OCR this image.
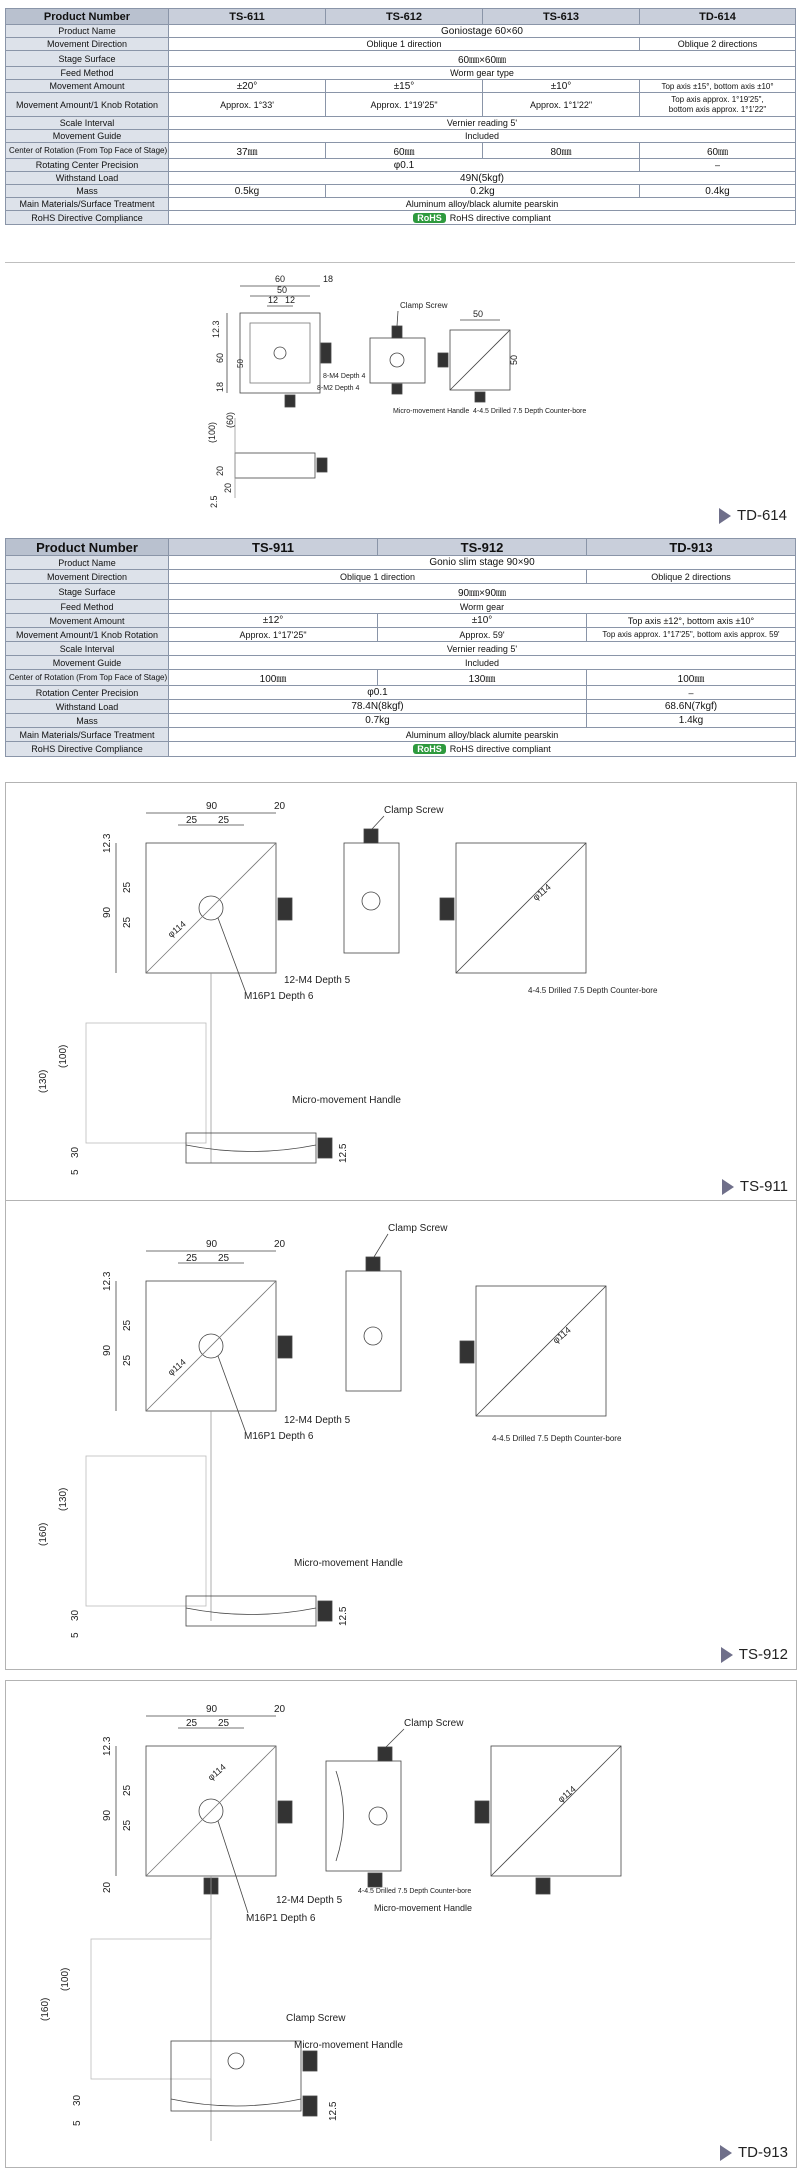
Product Number	TS-611	TS-612	TS-613	TD-614
Product Name	Goniostage 60×60			
Movement Direction	Oblique 1 direction			Oblique 2 directions
Stage Surface	60㎜×60㎜			
Feed Method	Worm gear type			
Movement Amount	±20°	±15°	±10°	Top axis ±15°, bottom axis ±10°
Movement Amount/1 Knob Rotation	Approx. 1°33'	Approx. 1°19'25"	Approx. 1°1'22"	Top axis approx. 1°19'25",
bottom axis approx. 1°1'22"
Scale Interval	Vernier reading 5'			
Movement Guide	Included			
Center of Rotation (From Top Face of Stage)	37㎜	60㎜	80㎜	60㎜
Rotating Center Precision	φ0.1			–
Withstand Load	49N(5kgf)			
Mass	0.5kg	0.2kg		0.4kg
Main Materials/Surface Treatment	Aluminum alloy/black alumite pearskin			
RoHS Directive Compliance	RoHS RoHS directive compliant			
60
50
18
12 12
12.3
60
18
50
8-M4 Depth 4
8-M2 Depth 4
Clamp Screw
Micro-movement Handle
50
50
4-4.5 Drilled 7.5 Depth Counter-bore
(100)
(60)
20
20
2.5
TD-614
Product Number	TS-911	TS-912	TD-913
Product Name	Gonio slim stage 90×90		
Movement Direction	Oblique 1 direction		Oblique 2 directions
Stage Surface	90㎜×90㎜		
Feed Method	Worm gear		
Movement Amount	±12°	±10°	Top axis ±12°, bottom axis ±10°
Movement Amount/1 Knob Rotation	Approx. 1°17'25"	Approx. 59'	Top axis approx. 1°17'25", bottom axis approx. 59'
Scale Interval	Vernier reading 5'		
Movement Guide	Included		
Center of Rotation (From Top Face of Stage)	100㎜	130㎜	100㎜
Rotation Center Precision	φ0.1		–
Withstand Load	78.4N(8kgf)		68.6N(7kgf)
Mass	0.7kg		1.4kg
Main Materials/Surface Treatment	Aluminum alloy/black alumite pearskin		
RoHS Directive Compliance	RoHS RoHS directive compliant		
90	20
25 25
12.3
90
25
25	φ114
12-M4 Depth 5
M16P1 Depth 6
Clamp Screw
φ114
4-4.5 Drilled 7.5 Depth Counter-bore
(100)
(130)
30
5
12.5
Micro-movement Handle
TS-911
90	20
25 25
12.3
90
25
25	φ114
12-M4 Depth 5
M16P1 Depth 6
Clamp Screw
φ114
4-4.5 Drilled 7.5 Depth Counter-bore
(130)
(160)
30
5
12.5
Micro-movement Handle
TS-912
90	20
25 25
12.3
90
25
25
20
φ114
12-M4 Depth 5
M16P1 Depth 6
Clamp Screw
Micro-movement Handle
φ114
4-4.5 Drilled 7.5 Depth Counter-bore
(100)
(160)
30
5
12.5
Clamp Screw
Micro-movement Handle
TD-913
